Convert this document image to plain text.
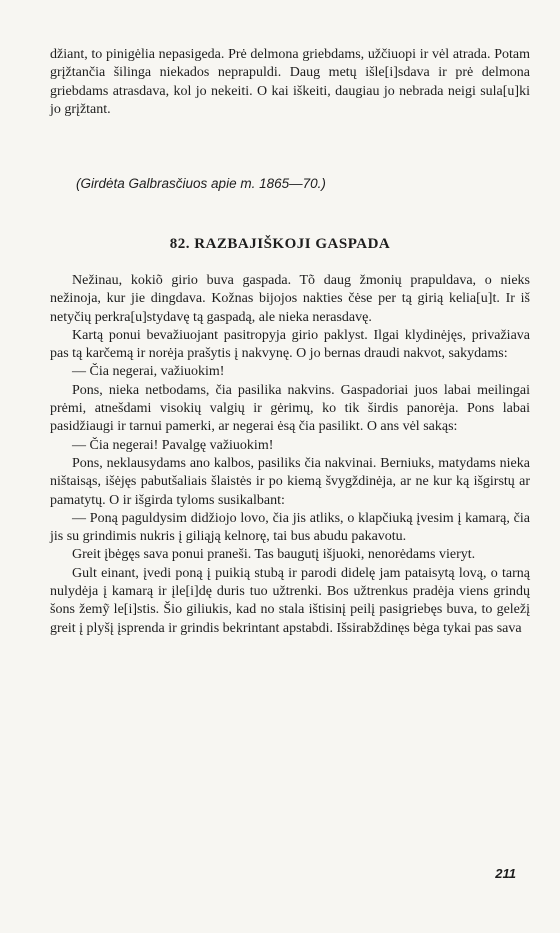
džiant, to pinigėlia nepasigeda. Prė delmona griebdams, užčiuopi ir vėl atrada. Potam grįžtančia šilinga niekados neprapuldi. Daug metų išle[i]sdava ir prė delmona griebdams atrasdava, kol jo nekeiti. O kai iškeiti, daugiau jo nebrada neigi sula[u]ki jo grįžtant.

(Girdėta Galbrasčiuos apie m. 1865—70.)

82. RAZBAJIŠKOJI GASPADA

Nežinau, kokiõ girio buva gaspada. Tõ daug žmonių prapuldava, o nieks nežinoja, kur jie dingdava. Kožnas bijojos nakties čėse per tą girią kelia[u]t. Ir iš netyčių perkra[u]stydavę tą gaspadą, ale nieka nerasdavę.

Kartą ponui bevažiuojant pasitropyja girio paklyst. Ilgai klydinėjęs, privažiava pas tą karčemą ir norėja prašytis į nakvynę. O jo bernas draudi nakvot, sakydams:

— Čia negerai, važiuokim!

Pons, nieka netbodams, čia pasilika nakvins. Gaspadoriai juos labai meilingai prėmi, atnešdami visokių valgių ir gėrimų, ko tik širdis panorėja. Pons labai pasidžiaugi ir tarnui pamerki, ar negerai ėsą čia pasilikt. O ans vėl sakąs:

— Čia negerai! Pavalgę važiuokim!

Pons, neklausydams ano kalbos, pasiliks čia nakvinai. Berniuks, matydams nieka ništaisąs, išėjęs pabutšaliais šlaistės ir po kiemą švygždinėja, ar ne kur ką išgirstų ar pamatytų. O ir išgirda tyloms susikalbant:

— Poną paguldysim didžiojo lovo, čia jis atliks, o klapčiuką įvesim į kamarą, čia jis su grindimis nukris į giliąją kelnorę, tai bus abudu pakavotu.

Greit įbėgęs sava ponui praneši. Tas baugutį išjuoki, nenorėdams vieryt.

Gult einant, įvedi poną į puikią stubą ir parodi didelę jam pataisytą lovą, o tarną nulydėja į kamarą ir įle[i]dę duris tuo užtrenki. Bos užtrenkus pradėja viens grindų šons žemỹ le[i]stis. Šio giliukis, kad no stala ištisinį peilį pasigriebęs buva, to geležį greit į plyšį įsprenda ir grindis bekrintant apstabdi. Išsirabždinęs bėga tykai pas sava

211
